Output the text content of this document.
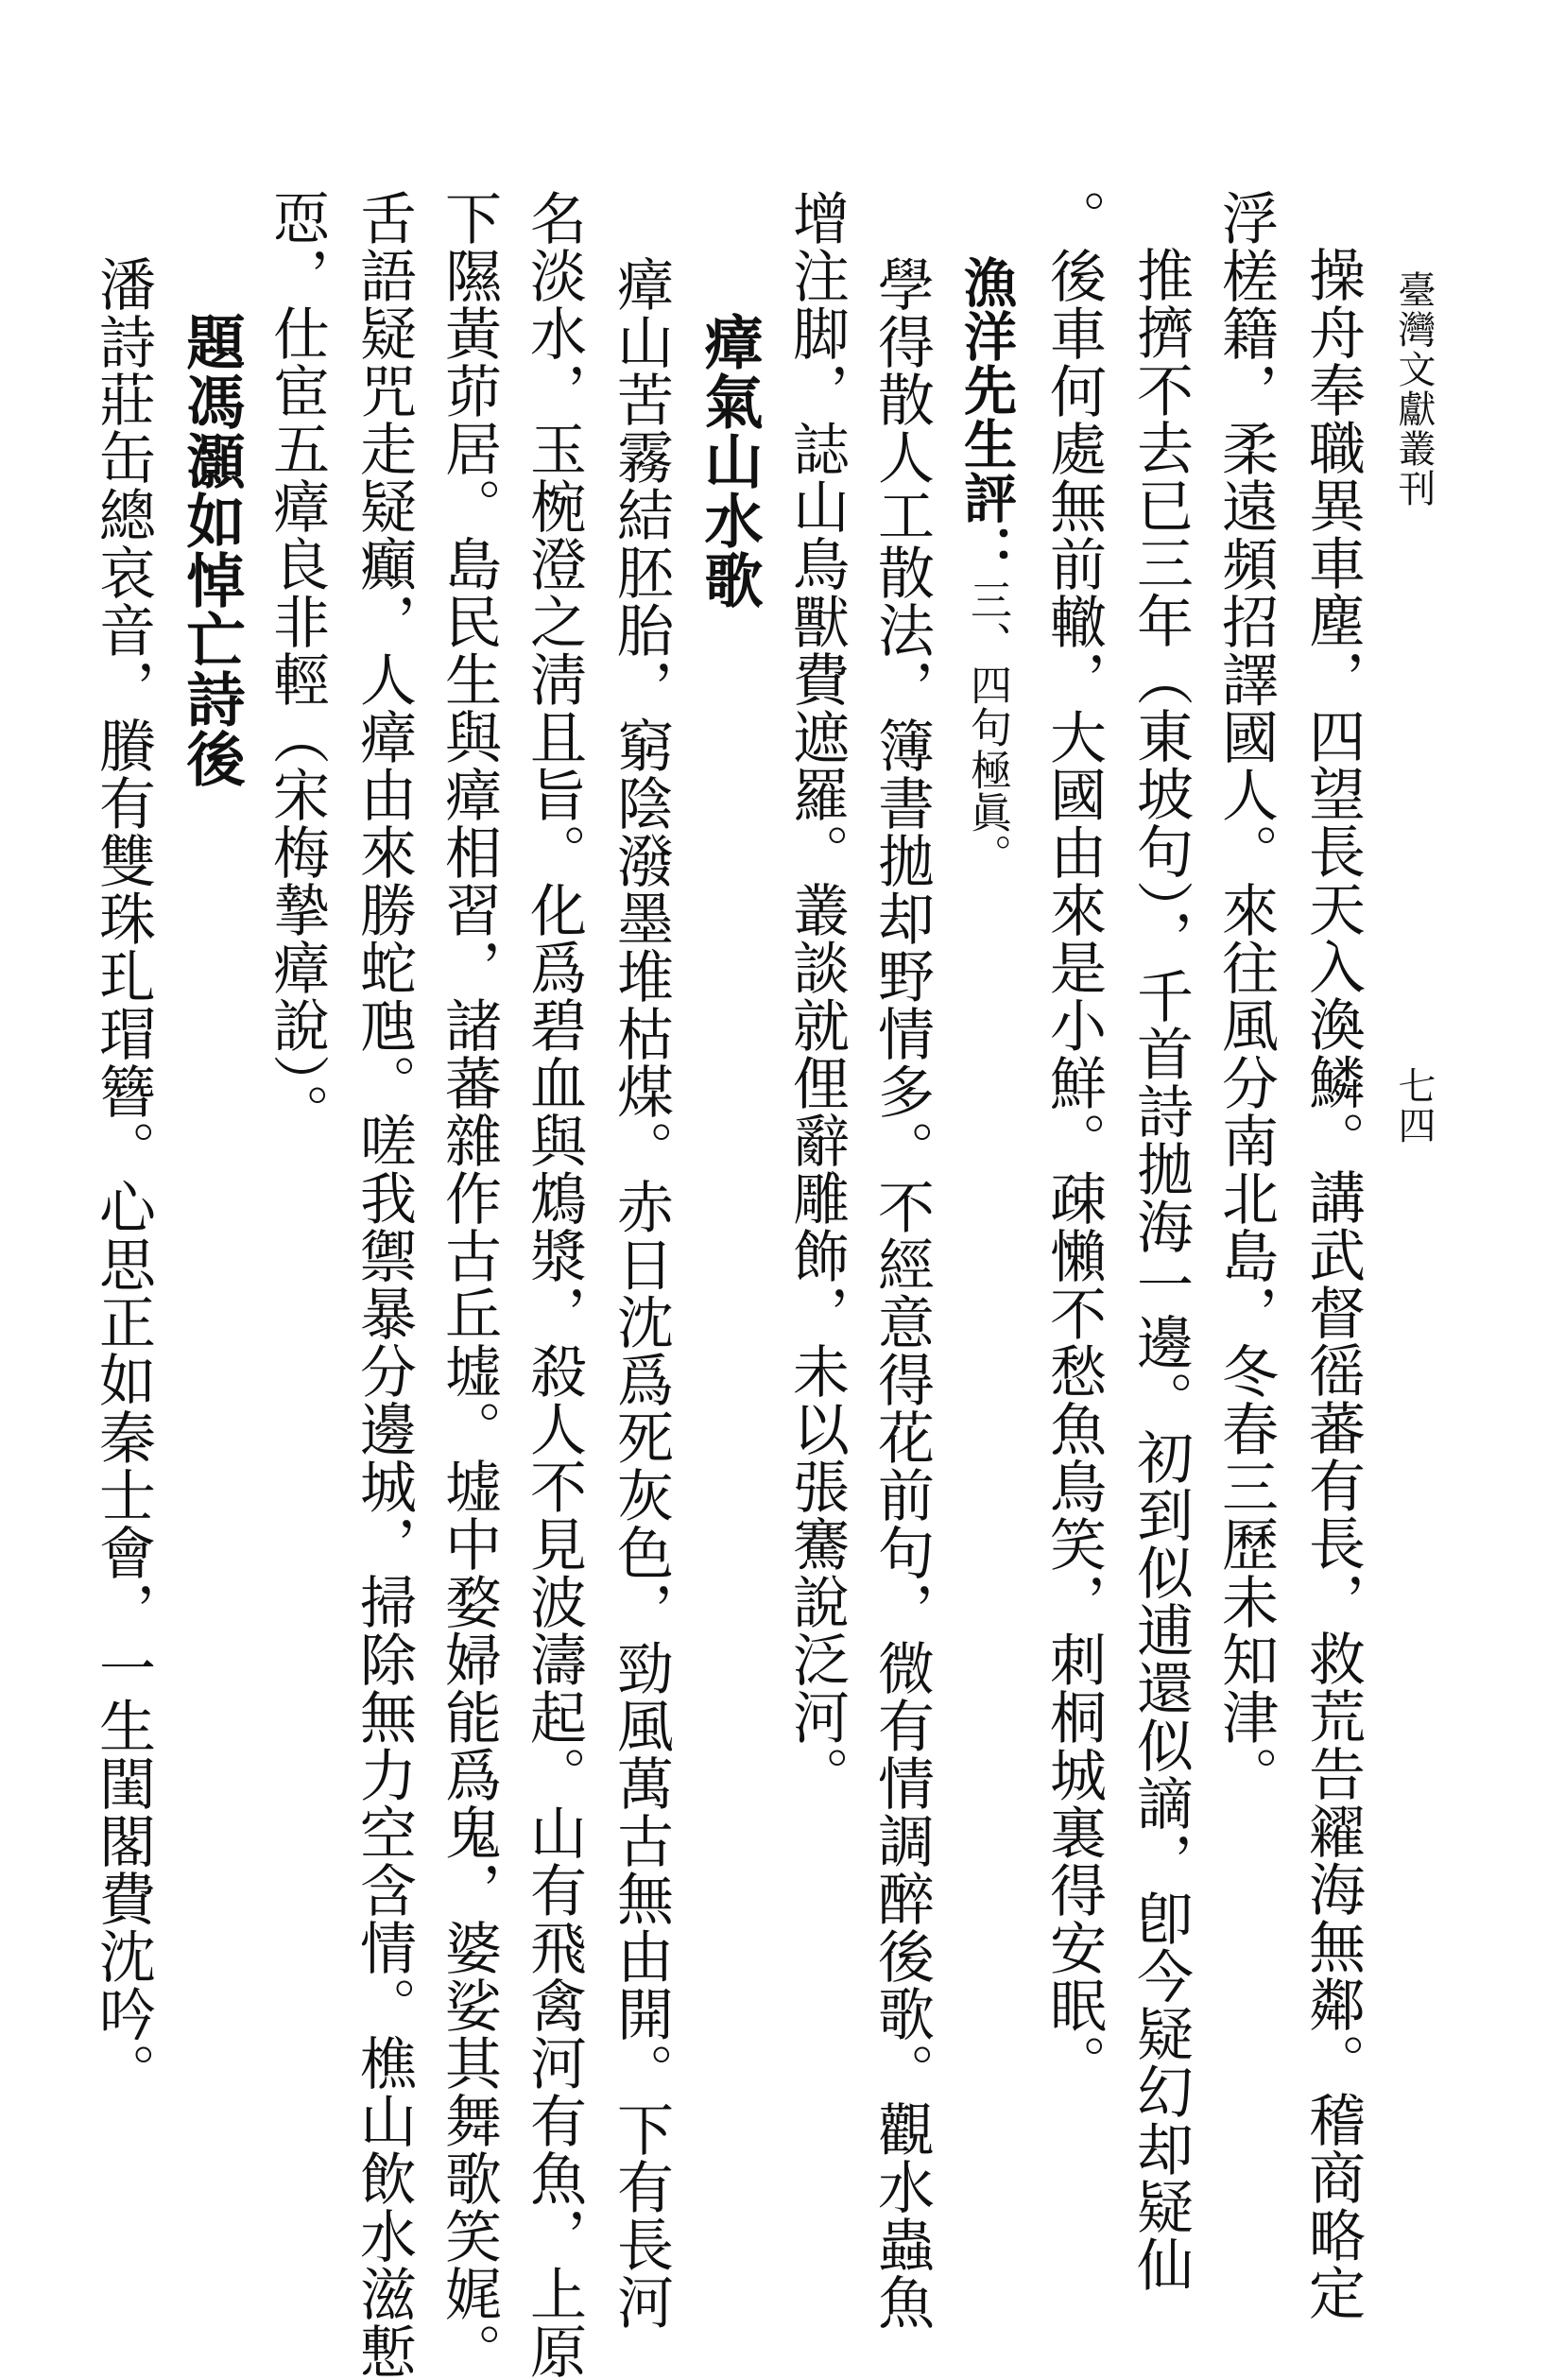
臺灣文獻叢刊
七四
操舟奉職異車塵，四望長天入渙鱗。講武督徭蕃有長，救荒告糴海無鄰。稽商略定
浮槎籍，柔遠頻招譯國人。來往風分南北島，冬春三歷未知津。
推擠不去已三年（東坡句），千首詩拋海一邊。初到似逋還似謫，卽今疑幻却疑仙
。後車何處無前轍，大國由來是小鮮。疎懶不愁魚鳥笑，刺桐城裏得安眠。
漁洋先生評：三、四句極眞。
學得散人工散法，簿書拋却野情多。不經意得花前句，微有情調醉後歌。觀水蟲魚
增注脚，誌山鳥獸費遮羅。叢談就俚辭雕飾，未以張騫說泛河。
瘴氣山水歌
瘴山苦霧結胚胎，窮陰潑墨堆枯煤。赤日沈爲死灰色，勁風萬古無由開。下有長河
名淡水，玉椀澄之淸且旨。化爲碧血與鴆漿，殺人不見波濤起。山有飛禽河有魚，上原
下隰黃茆居。島民生與瘴相習，諸蕃雜作古丘墟。墟中婺婦能爲鬼，婆娑其舞歌笑娓。
舌語疑咒走疑癲，人瘴由來勝蛇虺。嗟我禦暴分邊城，掃除無力空含情。樵山飲水滋慙
恧，仕宦五瘴良非輕（宋梅摯瘴說）。
題馮灝如悼亡詩後
潘詩莊缶總哀音，賸有雙珠玌瑁簪。心思正如秦士會，一生閨閣費沈吟。
